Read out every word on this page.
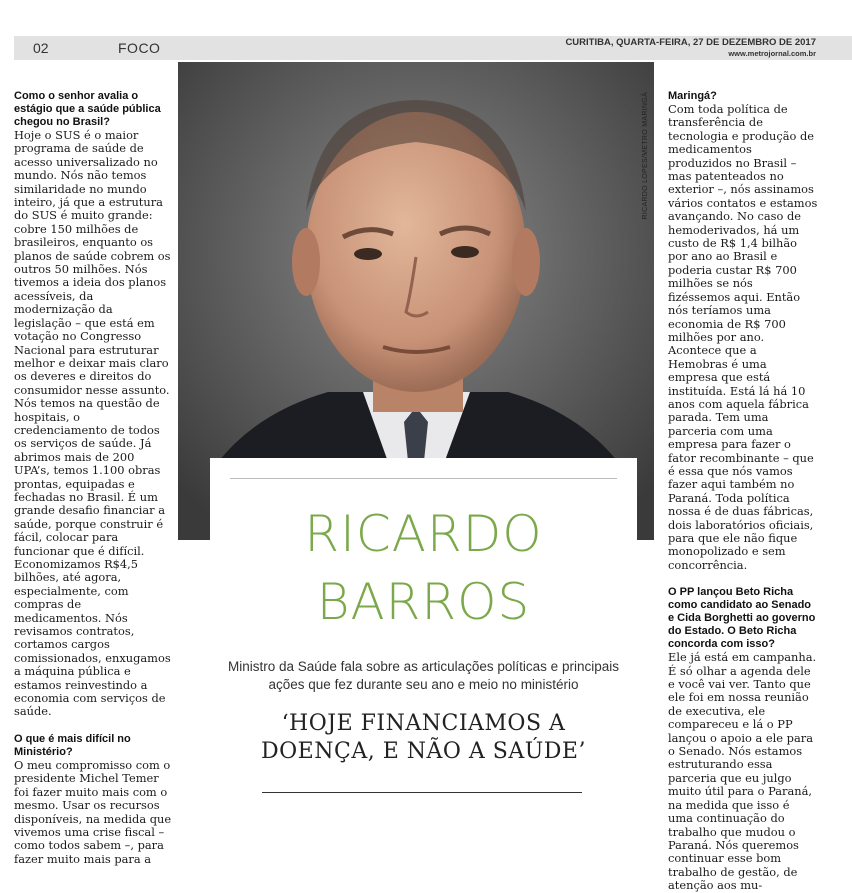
02	FOCO	CURITIBA, QUARTA-FEIRA, 27 DE DEZEMBRO DE 2017
www.metrojornal.com.br
Como o senhor avalia o estágio que a saúde pública chegou no Brasil?
Hoje o SUS é o maior programa de saúde de acesso universalizado no mundo. Nós não temos similaridade no mundo inteiro, já que a estrutura do SUS é muito grande: cobre 150 milhões de brasileiros, enquanto os planos de saúde cobrem os outros 50 milhões. Nós tivemos a ideia dos planos acessíveis, da modernização da legislação – que está em votação no Congresso Nacional para estruturar melhor e deixar mais claro os deveres e direitos do consumidor nesse assunto. Nós temos na questão de hospitais, o credenciamento de todos os serviços de saúde. Já abrimos mais de 200 UPA’s, temos 1.100 obras prontas, equipadas e fechadas no Brasil. É um grande desafio financiar a saúde, porque construir é fácil, colocar para funcionar que é difícil. Economizamos R$4,5 bilhões, até agora, especialmente, com compras de medicamentos. Nós revisamos contratos, cortamos cargos comissionados, enxugamos a máquina pública e estamos reinvestindo a economia com serviços de saúde.
O que é mais difícil no Ministério?
O meu compromisso com o presidente Michel Temer foi fazer muito mais com o mesmo. Usar os recursos disponíveis, na medida que vivemos uma crise fiscal – como todos sabem –, para fazer muito mais para a
RICARDO LOPES/METRO MARINGÁ Maringá?
Com toda política de transferência de tecnologia e produção de medicamentos produzidos no Brasil – mas patenteados no exterior –, nós assinamos vários contatos e estamos avançando. No caso de hemoderivados, há um custo de R$ 1,4 bilhão por ano ao Brasil e poderia custar R$ 700 milhões se nós fizéssemos aqui. Então nós teríamos uma economia de R$ 700 milhões por ano. Acontece que a Hemobras é uma empresa que está instituída. Está lá há 10 anos com aquela fábrica parada. Tem uma parceria com uma empresa para fazer o fator recombinante – que é essa que nós vamos fazer aqui também no Paraná. Toda política nossa é de duas fábricas, dois laboratórios oficiais, para que ele não fique monopolizado e sem concorrência.
O PP lançou Beto Richa como candidato ao Senado e Cida Borghetti ao governo do Estado. O Beto Richa concorda com isso?
Ele já está em campanha. É só olhar a agenda dele e você vai ver. Tanto que ele foi em nossa reunião de executiva, ele compareceu e lá o PP lançou o apoio a ele para o Senado. Nós estamos estruturando essa parceria que eu julgo muito útil para o Paraná, na medida que isso é uma continuação do trabalho que mudou o Paraná. Nós queremos continuar esse bom trabalho de gestão, de atenção aos mu-
RICARDO
BARROS
Ministro da Saúde fala sobre as articulações políticas e principais ações que fez durante seu ano e meio no ministério
‘HOJE FINANCIAMOS A DOENÇA, E NÃO A SAÚDE’
